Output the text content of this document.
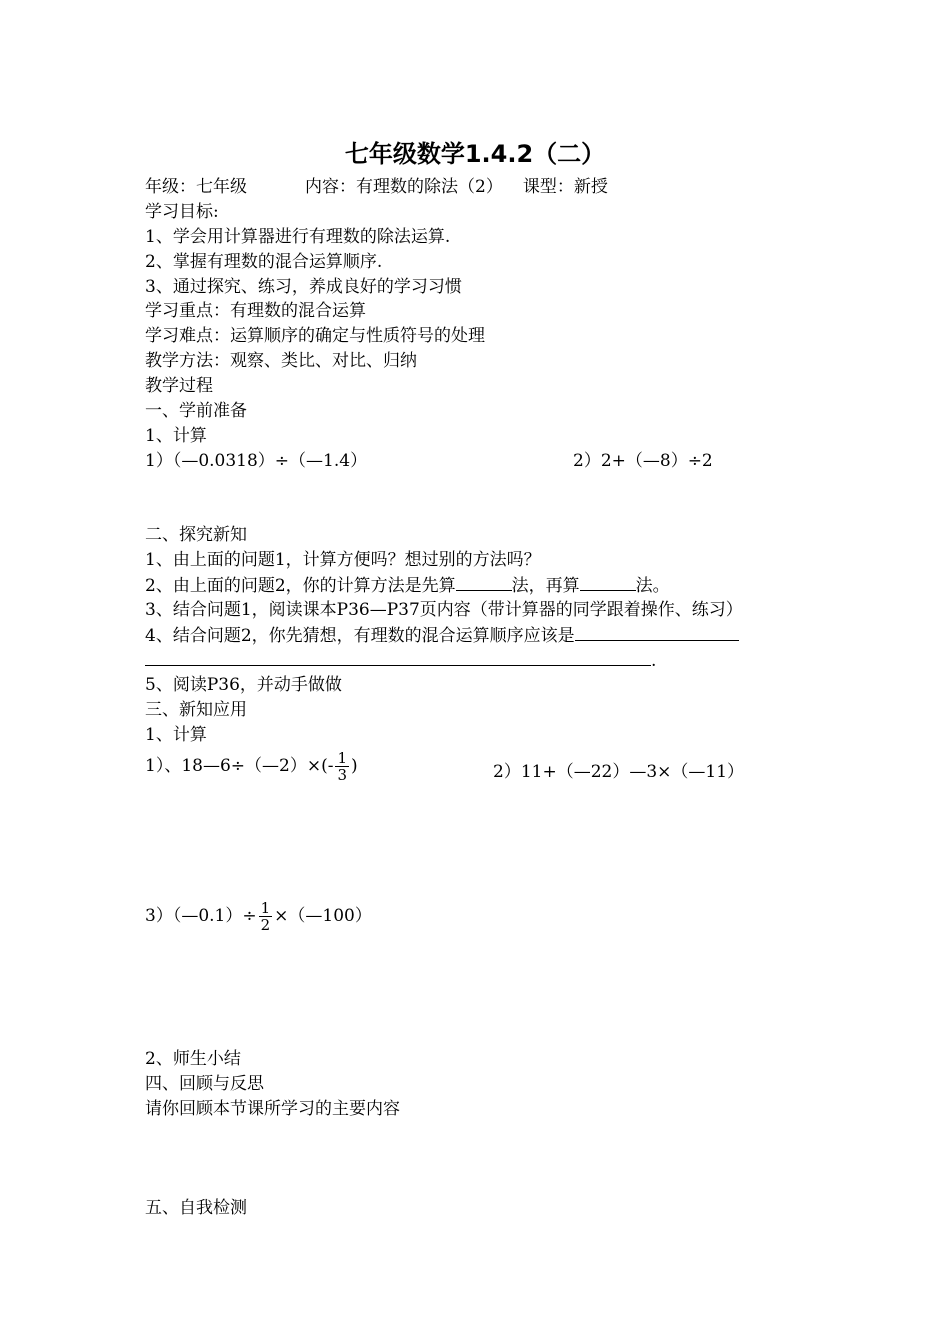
七年级数学1.4.2（二）
年级：七年级	内容：有理数的除法（2） 课型：新授
学习目标:
1、学会用计算器进行有理数的除法运算.
2、掌握有理数的混合运算顺序.
3、通过探究、练习，养成良好的学习习惯
学习重点：有理数的混合运算
学习难点：运算顺序的确定与性质符号的处理
教学方法：观察、类比、对比、归纳
教学过程
一、学前准备
1、计算
1）（—0.0318）÷（—1.4）	2）2+（—8）÷2
二、探究新知
1、由上面的问题1，计算方便吗？想过别的方法吗？
2、由上面的问题2，你的计算方法是先算	法，再算	法。
3、结合问题1，阅读课本P36—P37页内容（带计算器的同学跟着操作、练习）
4、结合问题2，你先猜想，有理数的混合运算顺序应该是
.
5、阅读P36，并动手做做
三、新知应用
1、计算
1）、18—6÷（—2）×(- $\frac{1}{3}$ )	2）11+（—22）—3×（—11）
3）（—0.1）÷ $\frac{1}{2}$ ×（—100）
2、师生小结
四、回顾与反思
请你回顾本节课所学习的主要内容
五、自我检测
